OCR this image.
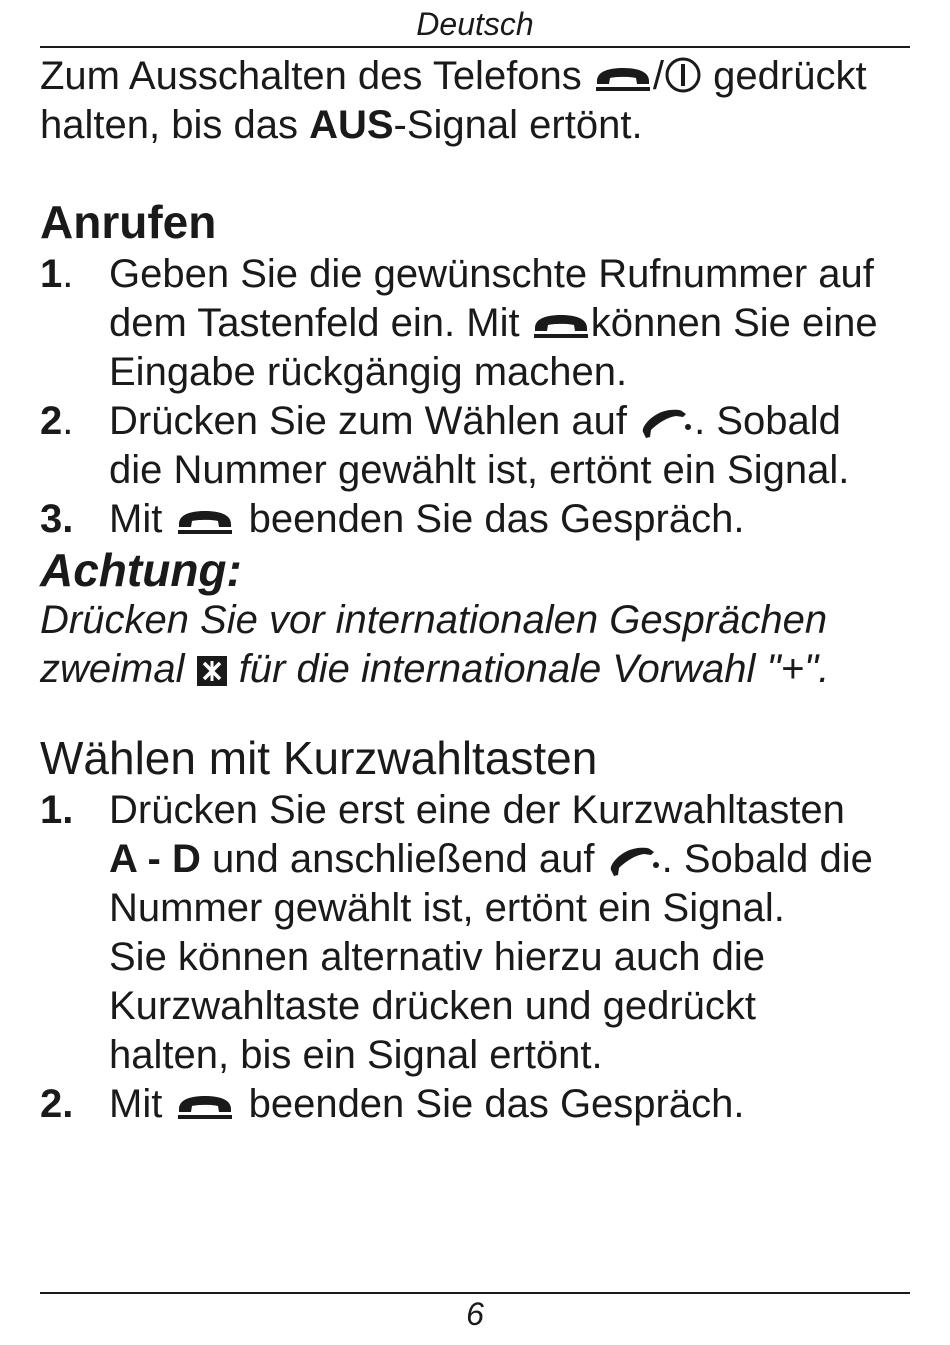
Deutsch

Zum Ausschalten des Telefons / gedrückt
halten, bis das AUS-Signal ertönt.

Anrufen
1. Geben Sie die gewünschte Rufnummer auf
dem Tastenfeld ein. Mit können Sie eine
Eingabe rückgängig machen.
2. Drücken Sie zum Wählen auf . Sobald
die Nummer gewählt ist, ertönt ein Signal.
3. Mit beenden Sie das Gespräch.
Achtung:

Drücken Sie vor internationalen Gesprächen
zweimal für die internationale Vorwahl "+".

Wählen mit Kurzwahltasten
1. Drücken Sie erst eine der Kurzwahltasten
A - D und anschließend auf . Sobald die
Nummer gewählt ist, ertönt ein Signal.
Sie können alternativ hierzu auch die
Kurzwahltaste drücken und gedrückt
halten, bis ein Signal ertönt.
2. Mit beenden Sie das Gespräch.
6
